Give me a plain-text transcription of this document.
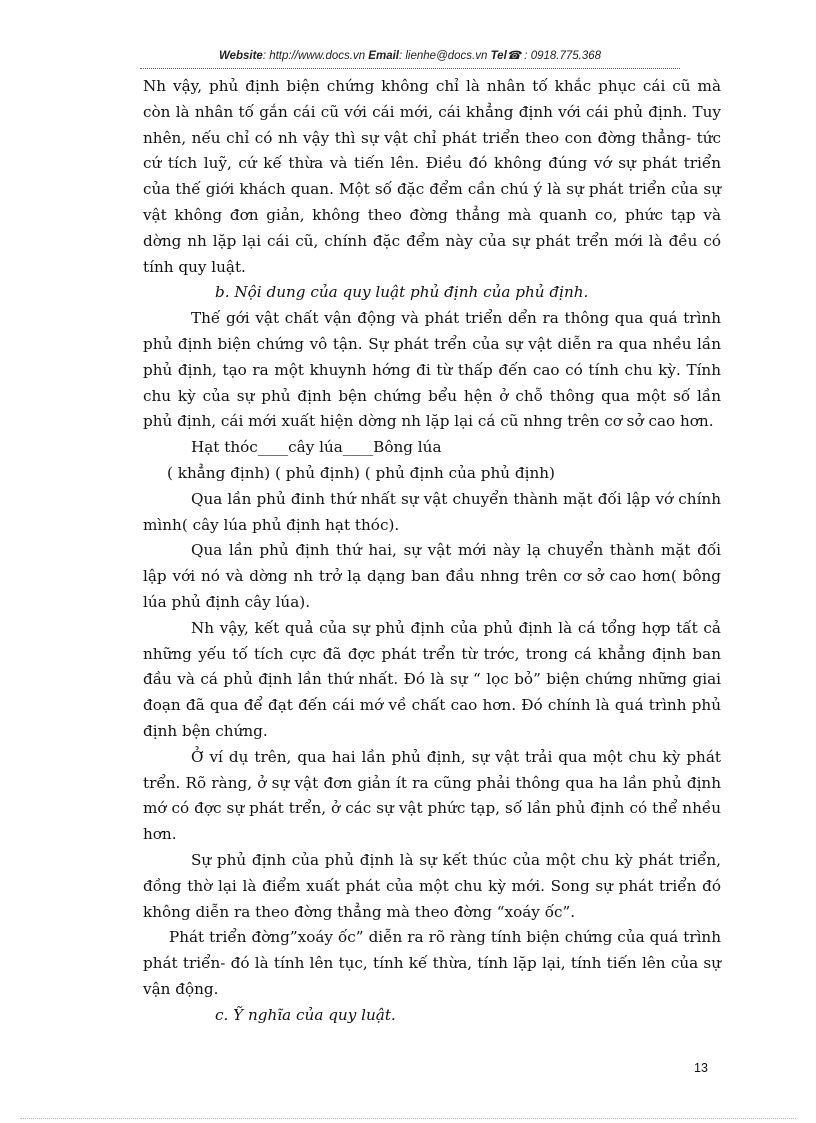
Website: http://www.docs.vn Email: lienhe@docs.vn Tel☎ : 0918.775.368

Nh vậy, phủ định biện chứng không chỉ là nhân tố khắc phục cái cũ mà còn là nhân tố gắn cái cũ với cái mới, cái khẳng định với cái phủ định. Tuy nhên, nếu chỉ có nh vậy thì sự vật chỉ phát triển theo con đờng thẳng- tức cứ tích luỹ, cứ kế thừa và tiến lên. Điều đó không đúng vớ sự phát triển của thế giới khách quan. Một số đặc đểm cần chú ý là sự phát triển của sự vật không đơn giản, không theo đờng thẳng mà quanh co, phức tạp và dờng nh lặp lại cái cũ, chính đặc đểm này của sự phát trển mới là đều có tính quy luật.

b. Nội dung của quy luật phủ định của phủ định.

Thế gới vật chất vận động và phát triển dển ra thông qua quá trình phủ định biện chứng vô tận. Sự phát trển của sự vật diễn ra qua nhều lần phủ định, tạo ra một khuynh hớng đi từ thấp đến cao có tính chu kỳ. Tính chu kỳ của sự phủ định bện chứng bểu hện ở chỗ thông qua một số lần phủ định, cái mới xuất hiện dờng nh lặp lại cá cũ nhng trên cơ sở cao hơn.

Hạt thóc____cây lúa____Bông lúa

( khẳng định) ( phủ định) ( phủ định của phủ định)

Qua lần phủ đinh thứ nhất sự vật chuyển thành mặt đối lập vớ chính mình( cây lúa phủ định hạt thóc).

Qua lần phủ định thứ hai, sự vật mới này lạ chuyển thành mặt đối lập với nó và dờng nh trở lạ dạng ban đầu nhng trên cơ sở cao hơn( bông lúa phủ định cây lúa).

Nh vậy, kết quả của sự phủ định của phủ định là cá tổng hợp tất cả những yếu tố tích cực đã đợc phát trển từ trớc, trong cá khẳng định ban đầu và cá phủ định lần thứ nhất. Đó là sự “ lọc bỏ” biện chứng những giai đoạn đã qua để đạt đến cái mớ về chất cao hơn. Đó chính là quá trình phủ định bện chứng.

Ở ví dụ trên, qua hai lần phủ định, sự vật trải qua một chu kỳ phát trển. Rõ ràng, ở sự vật đơn giản ít ra cũng phải thông qua ha lần phủ định mớ có đợc sự phát trển, ở các sự vật phức tạp, số lần phủ định có thể nhều hơn.

Sự phủ định của phủ định là sự kết thúc của một chu kỳ phát triển, đồng thờ lại là điểm xuất phát của một chu kỳ mới. Song sự phát triển đó không diễn ra theo đờng thẳng mà theo đờng “xoáy ốc”.

Phát triển đờng”xoáy ốc” diễn ra rõ ràng tính biện chứng của quá trình phát triển- đó là tính lên tục, tính kế thừa, tính lặp lại, tính tiến lên của sự vận động.

c. Ỹ nghĩa của quy luật.

13
